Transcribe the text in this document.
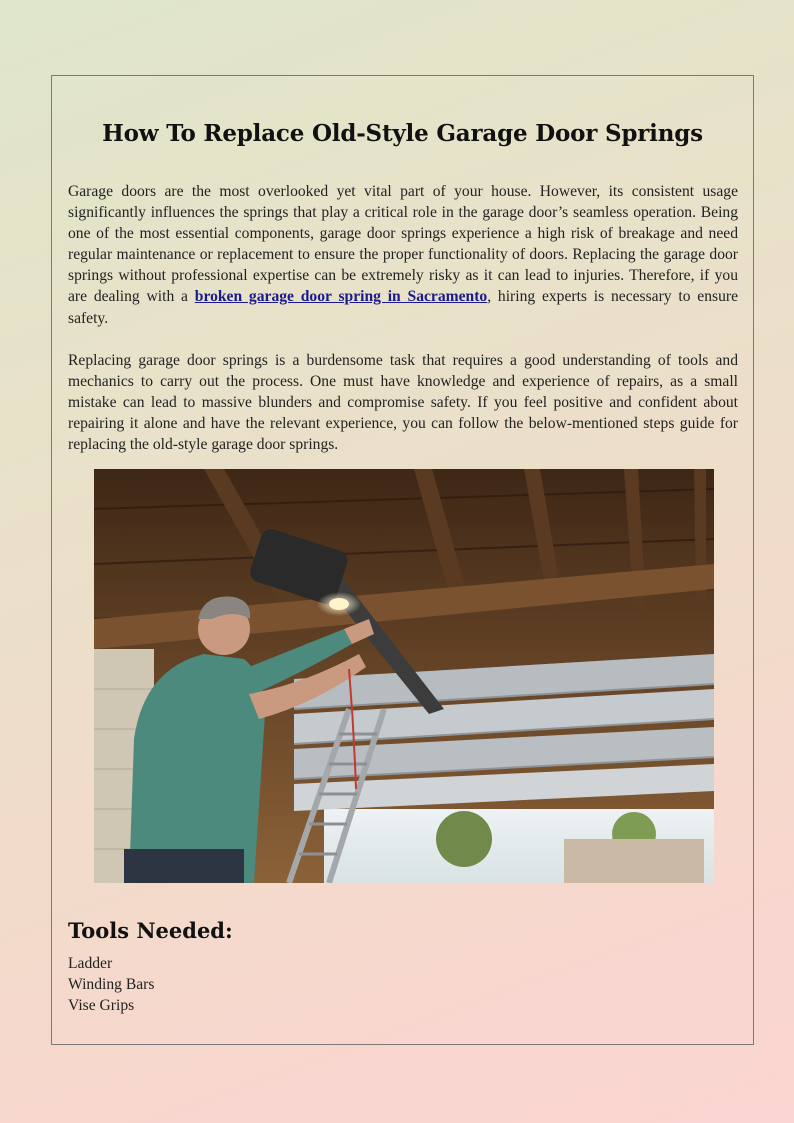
How To Replace Old-Style Garage Door Springs

Garage doors are the most overlooked yet vital part of your house. However, its consistent usage significantly influences the springs that play a critical role in the garage door’s seamless operation. Being one of the most essential components, garage door springs experience a high risk of breakage and need regular maintenance or replacement to ensure the proper functionality of doors. Replacing the garage door springs without professional expertise can be extremely risky as it can lead to injuries. Therefore, if you are dealing with a broken garage door spring in Sacramento, hiring experts is necessary to ensure safety.

Replacing garage door springs is a burdensome task that requires a good understanding of tools and mechanics to carry out the process. One must have knowledge and experience of repairs, as a small mistake can lead to massive blunders and compromise safety. If you feel positive and confident about repairing it alone and have the relevant experience, you can follow the below-mentioned steps guide for replacing the old-style garage door springs.

Tools Needed:
Ladder
Winding Bars
Vise Grips
